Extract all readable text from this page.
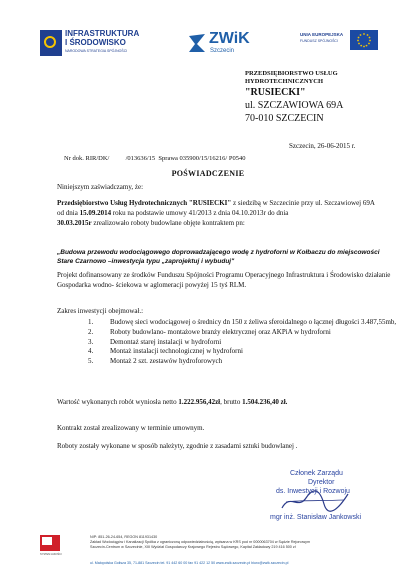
INFRASTRUKTURA
I ŚRODOWISKO
NARODOWA STRATEGIA SPÓJNOŚCI
ZWiK
Szczecin
UNIA EUROPEJSKA
FUNDUSZ SPÓJNOŚCI
PRZEDSIĘBIORSTWO USŁUG
HYDROTECHNICZNYCH
"RUSIECKI"
ul. SZCZAWIOWA 69A
70-010 SZCZECIN
Szczecin, 26-06-2015 r.
Nr dok. RIR/DK/          /013636/15  Sprawa 035900/15/16216/ P0540
POŚWIADCZENIE
Niniejszym zaświadczamy, że:
Przedsiębiorstwo Usług Hydrotechnicznych "RUSIECKI" z siedzibą w Szczecinie przy ul. Szczawiowej 69A
od dnia 15.09.2014 roku na podstawie umowy 41/2013 z dnia 04.10.2013r do dnia
30.03.2015r zrealizowało roboty budowlane objęte kontraktem pn:
„Budowa przewodu wodociągowego doprowadzającego wodę z hydroforni w Kołbaczu do miejscowości Stare Czarnowo –inwestycja typu „zaprojektuj i wybuduj"
Projekt dofinansowany ze środków Funduszu Spójności Programu Operacyjnego Infrastruktura i Środowisko działanie Gospodarka wodno- ściekowa w aglomeracji powyżej 15 tyś RLM.
Zakres inwestycji obejmował.:
1. Budowę sieci wodociągowej o średnicy dn 150 z żeliwa sferoidalnego o łącznej długości 3.487,55mb,
2. Roboty budowlano- montażowe branży elektrycznej oraz AKPiA w hydroforni
3. Demontaż starej instalacji w hydroforni
4. Montaż instalacji technologicznej w hydroforni
5. Montaż 2 szt. zestawów hydroforowych
Wartość wykonanych robót wyniosła netto 1.222.956,42zł, brutto 1.504.236,40 zł.
Kontrakt został zrealizowany w terminie umownym.
Roboty zostały wykonane w sposób należyty, zgodnie z zasadami sztuki budowlanej .
Członek Zarządu
Dyrektor
ds. Inwestycji i Rozwoju
mgr inż. Stanisław Jankowski
SYSTEM JAKOŚCI
NIP: 851-26-24-654, REGON 811931430
Zakład Wodociągów i Kanalizacji Spółka z ograniczoną odpowiedzialnością, wpisana w KRS pod nr 0000063704 w Sądzie Rejonowym
Szczecin-Centrum w Szczecinie, XIII Wydział Gospodarczy Krajowego Rejestru Sądowego, Kapitał Zakładowy 219 416 500 zł
ul. Małopolska Golisza 35, 71-881 Szczecin tel. 91 442 60 00 fax 91 422 12 50 www.zwik.szczecin.pl biuro@zwik.szczecin.pl
